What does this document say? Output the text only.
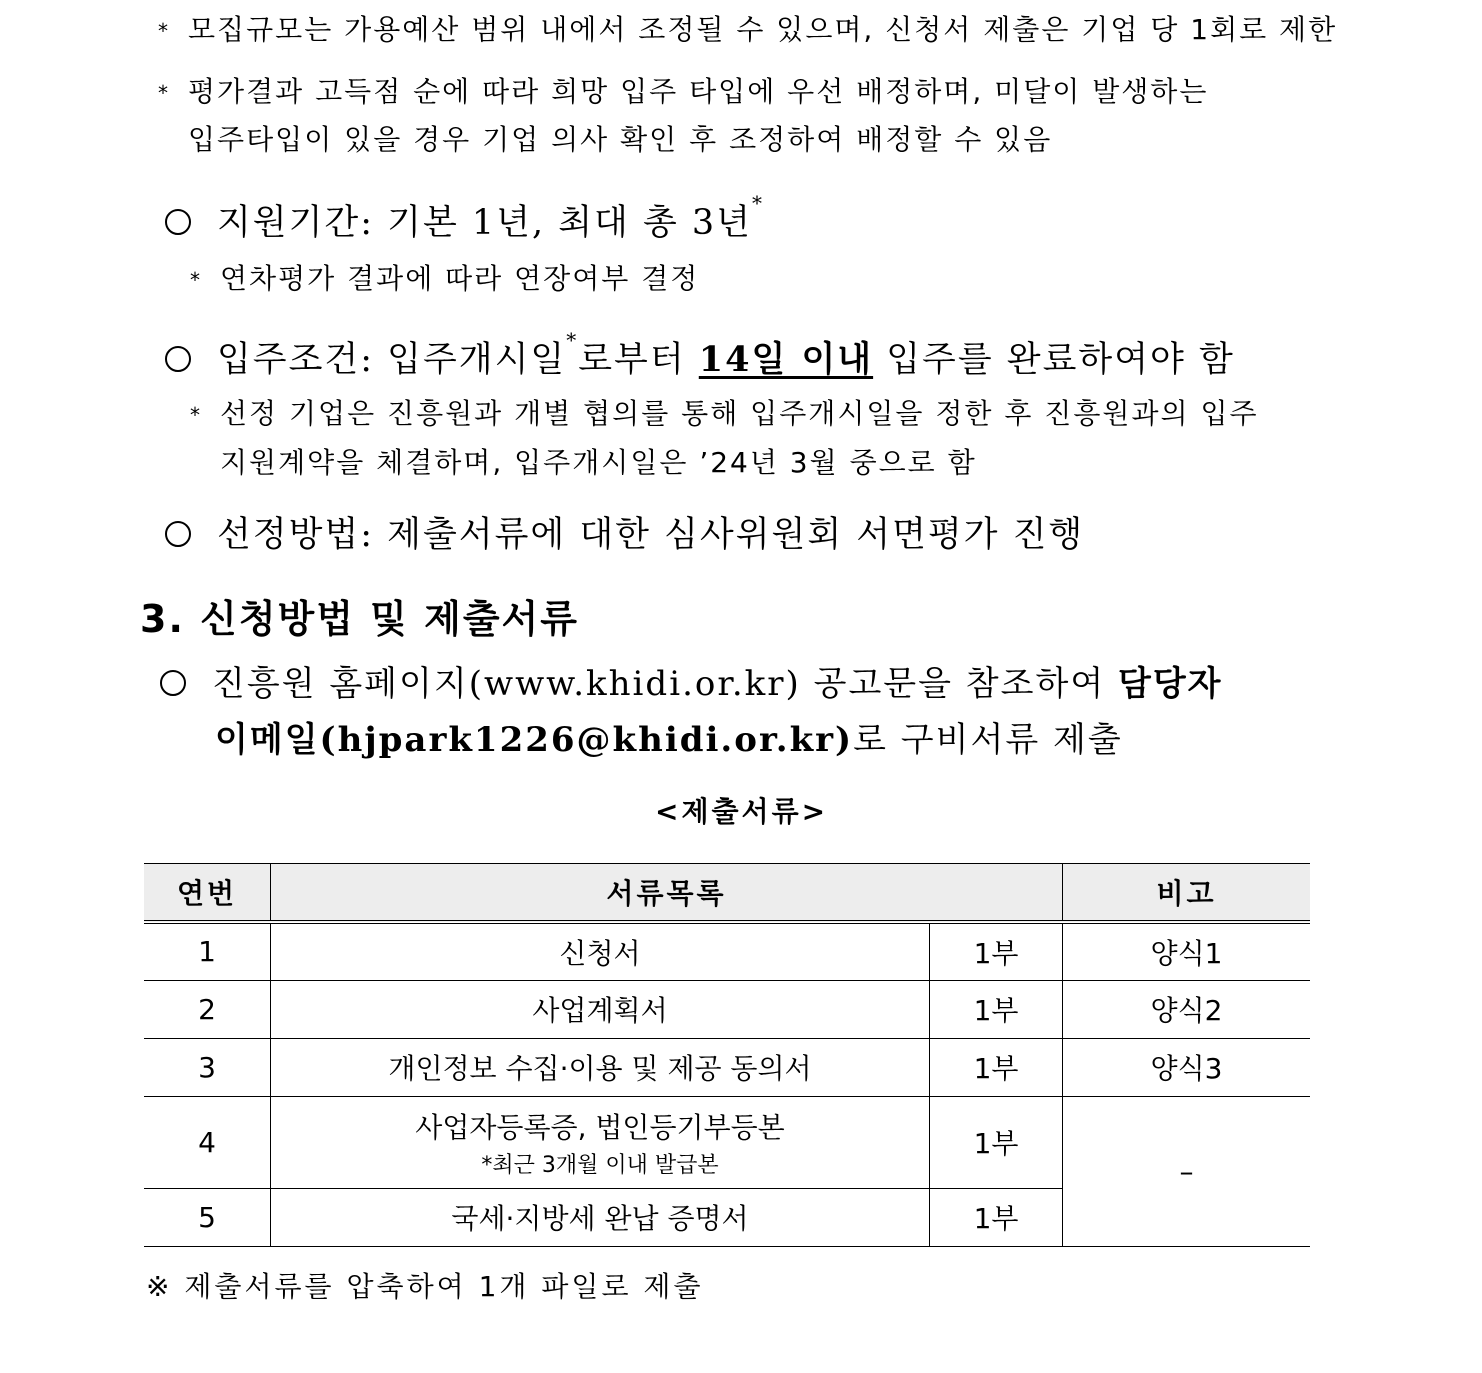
* 모집규모는 가용예산 범위 내에서 조정될 수 있으며, 신청서 제출은 기업 당 1회로 제한
* 평가결과 고득점 순에 따라 희망 입주 타입에 우선 배정하며, 미달이 발생하는
입주타입이 있을 경우 기업 의사 확인 후 조정하여 배정할 수 있음
지원기간: 기본 1년, 최대 총 3년*
* 연차평가 결과에 따라 연장여부 결정
입주조건: 입주개시일*로부터 14일 이내 입주를 완료하여야 함
* 선정 기업은 진흥원과 개별 협의를 통해 입주개시일을 정한 후 진흥원과의 입주
지원계약을 체결하며, 입주개시일은 ’24년 3월 중으로 함
선정방법: 제출서류에 대한 심사위원회 서면평가 진행
3. 신청방법 및 제출서류
진흥원 홈페이지(www.khidi.or.kr) 공고문을 참조하여 담당자
이메일(hjpark1226@khidi.or.kr)로 구비서류 제출
<제출서류>
연번	서류목록		비고
1	신청서	1부	양식1
2	사업계획서	1부	양식2
3	개인정보 수집·이용 및 제공 동의서	1부	양식3
4	사업자등록증, 법인등기부등본
*최근 3개월 이내 발급본	1부	–
5	국세·지방세 완납 증명서	1부	
※ 제출서류를 압축하여 1개 파일로 제출
